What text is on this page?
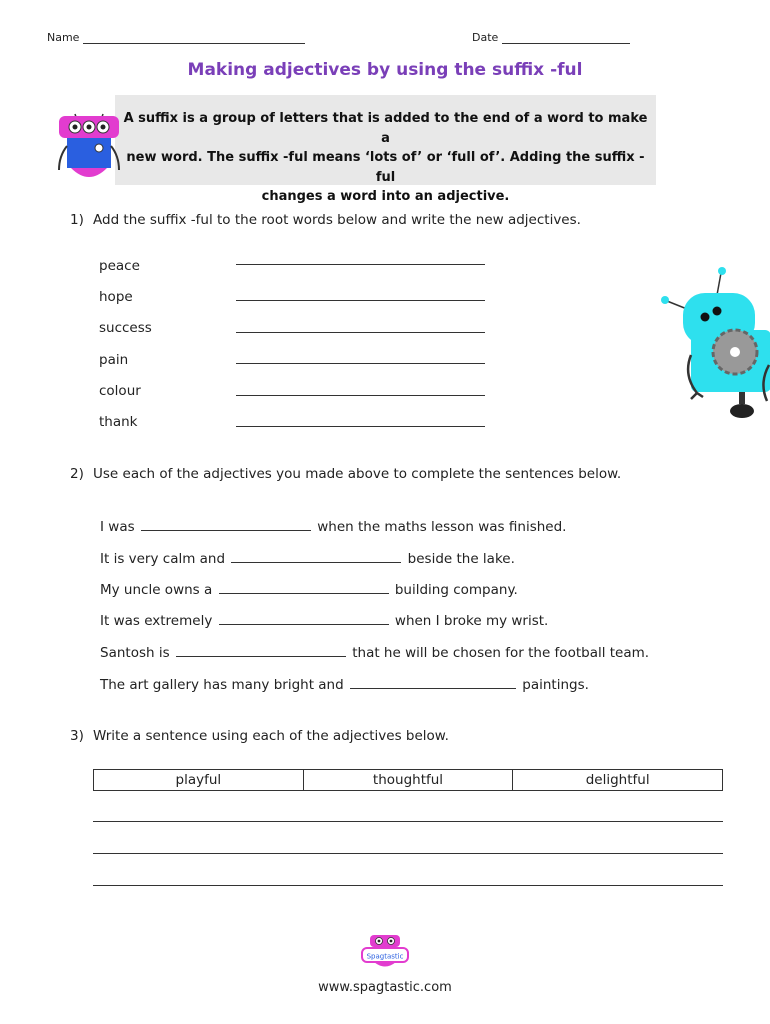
Name	Date
Making adjectives by using the suffix -ful
A suffix is a group of letters that is added to the end of a word to make a
new word. The suffix -ful means ‘lots of’ or ‘full of’. Adding the suffix -ful
changes a word into an adjective.
1) Add the suffix -ful to the root words below and write the new adjectives.
peace
hope
success
pain
colour
thank
2) Use each of the adjectives you made above to complete the sentences below.
I was	when the maths lesson was finished.
It is very calm and	beside the lake.
My uncle owns a	building company.
It was extremely	when I broke my wrist.
Santosh is	that he will be chosen for the football team.
The art gallery has many bright and	paintings.
3) Write a sentence using each of the adjectives below.
playful	thoughtful	delightful
Spagtastic
www.spagtastic.com
